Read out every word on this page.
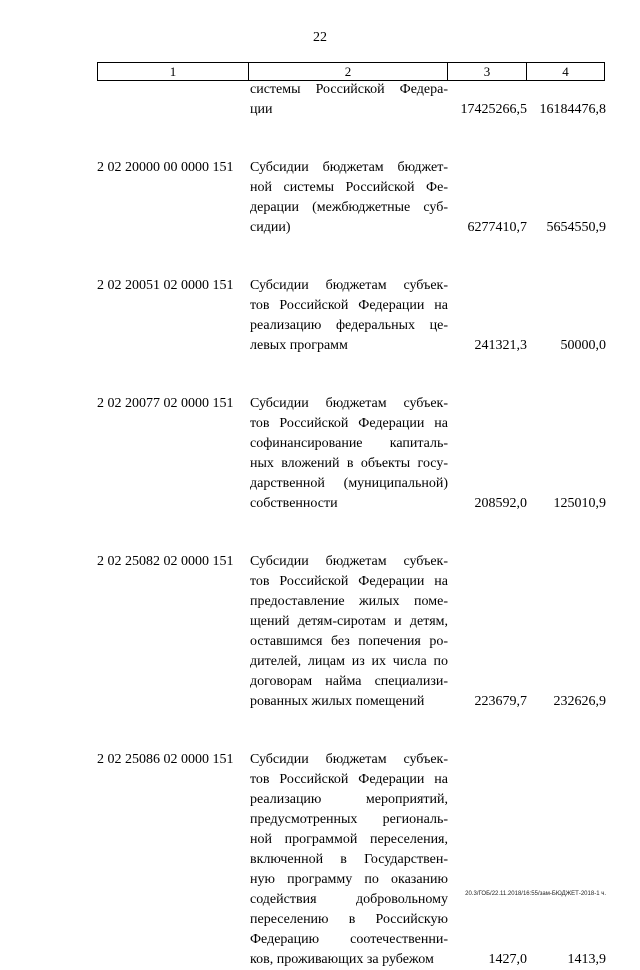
22
1	2	3	4
системы Российской Федера-
ции	17425266,5 16184476,8
2 02 20000 00 0000 151	Субсидии бюджетам бюджет-
ной системы Российской Фе-
дерации (межбюджетные суб-
сидии)	6277410,7	5654550,9
2 02 20051 02 0000 151	Субсидии бюджетам субъек-
тов Российской Федерации на
реализацию федеральных це-
левых программ	241321,3	50000,0
2 02 20077 02 0000 151	Субсидии бюджетам субъек-
тов Российской Федерации на
софинансирование капиталь-
ных вложений в объекты госу-
дарственной (муниципальной)
собственности	208592,0	125010,9
2 02 25082 02 0000 151	Субсидии бюджетам субъек-
тов Российской Федерации на
предоставление жилых поме-
щений детям-сиротам и детям,
оставшимся без попечения ро-
дителей, лицам из их числа по
договорам найма специализи-
рованных жилых помещений	223679,7	232626,9
2 02 25086 02 0000 151	Субсидии бюджетам субъек-
тов Российской Федерации на
реализацию мероприятий,
предусмотренных региональ-
ной программой переселения,
включенной в Государствен-
ную программу по оказанию
содействия добровольному
переселению в Российскую
Федерацию соотечественни-
ков, проживающих за рубежом	1427,0	1413,9
20.3/ГОБ/22.11.2018/16:55/зам-БЮДЖЕТ-2018-1 ч.
